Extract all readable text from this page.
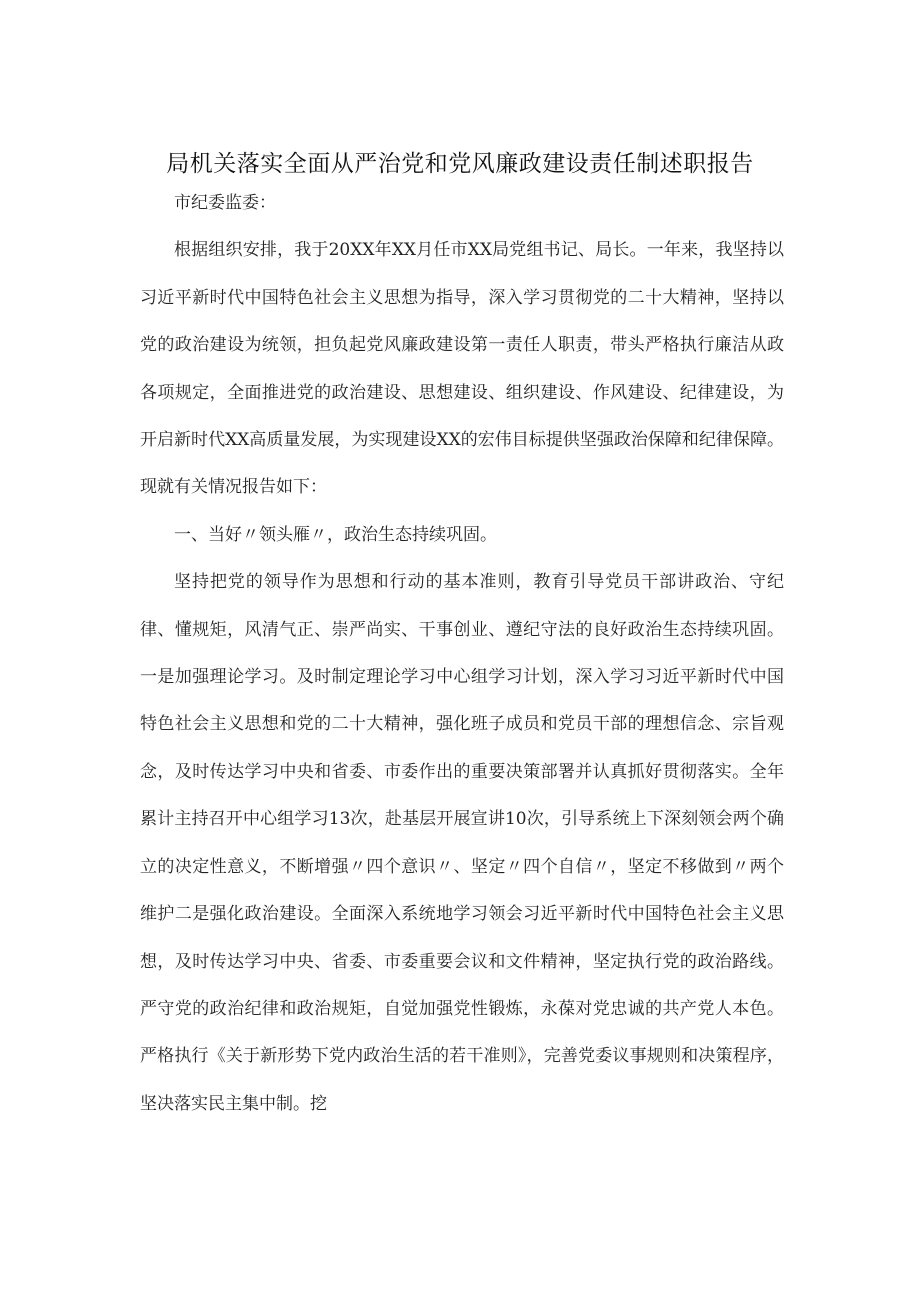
局机关落实全面从严治党和党风廉政建设责任制述职报告

市纪委监委：

根据组织安排，我于20XX年XX月任市XX局党组书记、局长。一年来，我坚持以习近平新时代中国特色社会主义思想为指导，深入学习贯彻党的二十大精神，坚持以党的政治建设为统领，担负起党风廉政建设第一责任人职责，带头严格执行廉洁从政各项规定，全面推进党的政治建设、思想建设、组织建设、作风建设、纪律建设，为开启新时代XX高质量发展，为实现建设XX的宏伟目标提供坚强政治保障和纪律保障。现就有关情况报告如下：

一、当好〃领头雁〃，政治生态持续巩固。

坚持把党的领导作为思想和行动的基本准则，教育引导党员干部讲政治、守纪律、懂规矩，风清气正、崇严尚实、干事创业、遵纪守法的良好政治生态持续巩固。一是加强理论学习。及时制定理论学习中心组学习计划，深入学习习近平新时代中国特色社会主义思想和党的二十大精神，强化班子成员和党员干部的理想信念、宗旨观念，及时传达学习中央和省委、市委作出的重要决策部署并认真抓好贯彻落实。全年累计主持召开中心组学习13次，赴基层开展宣讲10次，引导系统上下深刻领会两个确立的决定性意义，不断增强〃四个意识〃、坚定〃四个自信〃，坚定不移做到〃两个维护二是强化政治建设。全面深入系统地学习领会习近平新时代中国特色社会主义思想，及时传达学习中央、省委、市委重要会议和文件精神，坚定执行党的政治路线。严守党的政治纪律和政治规矩，自觉加强党性锻炼，永葆对党忠诚的共产党人本色。严格执行《关于新形势下党内政治生活的若干准则》，完善党委议事规则和决策程序，坚决落实民主集中制。挖
